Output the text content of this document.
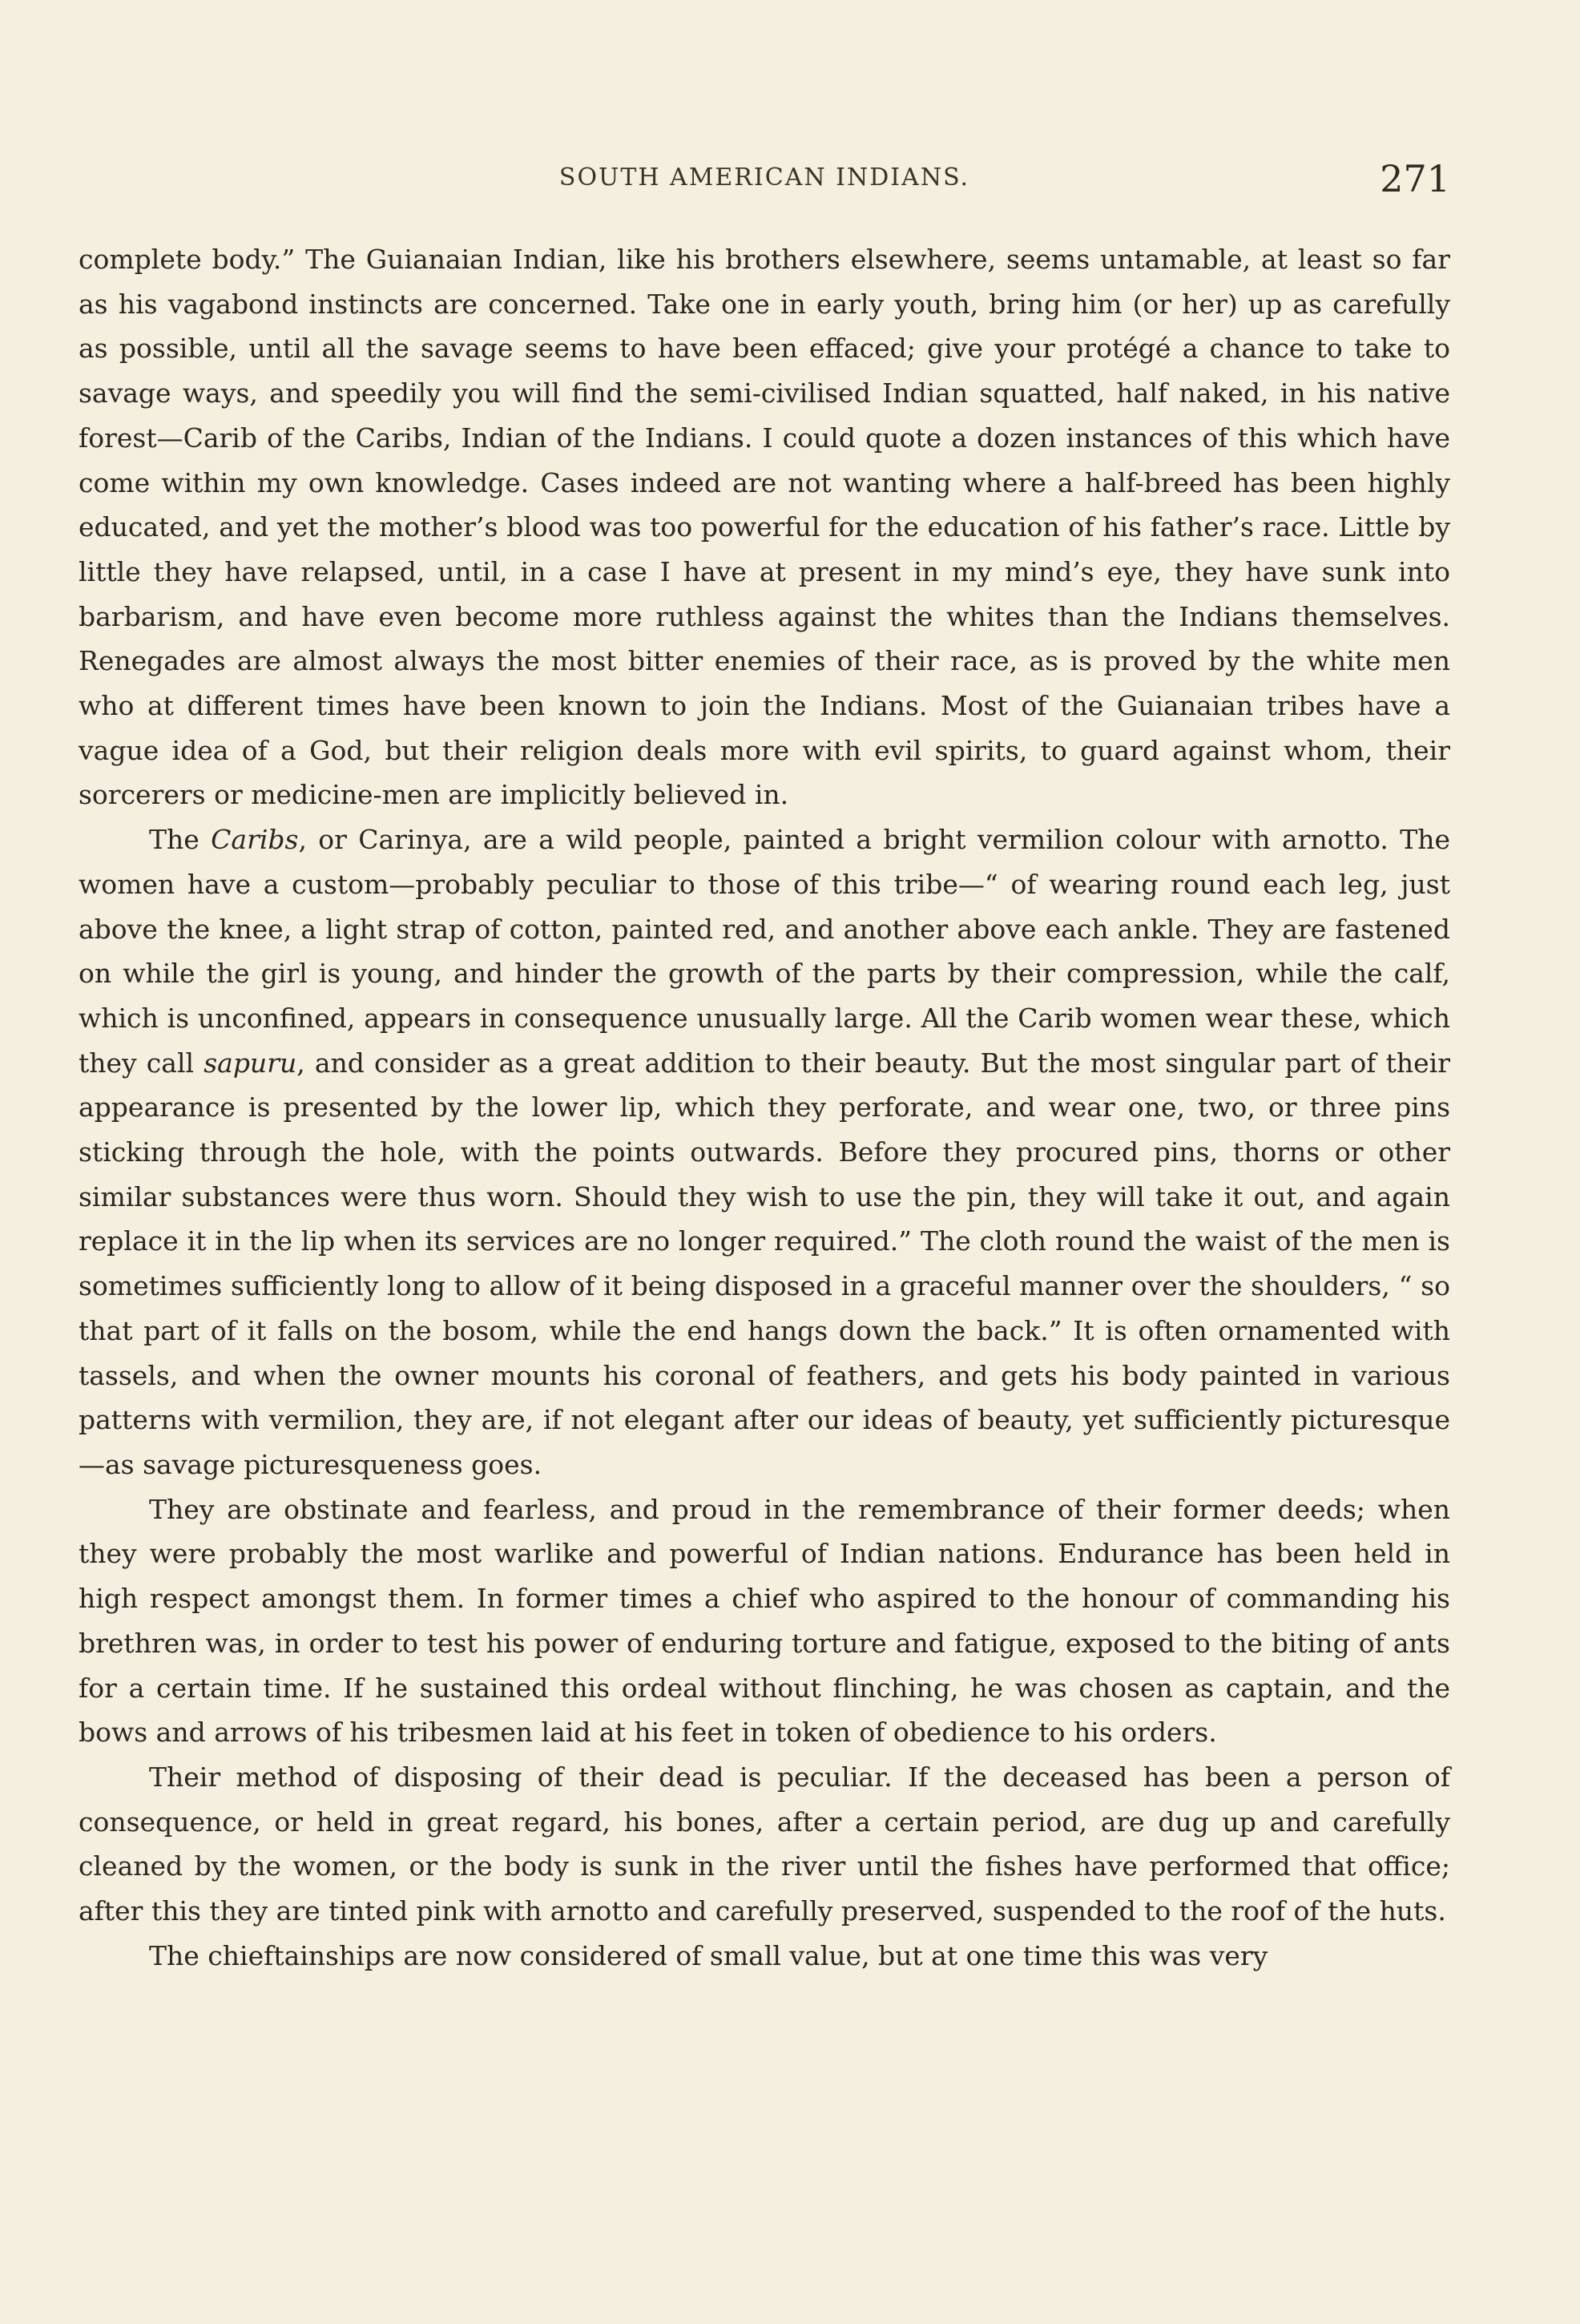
SOUTH AMERICAN INDIANS.	271

complete body.” The Guianaian Indian, like his brothers elsewhere, seems untamable, at least so far as his vagabond instincts are concerned. Take one in early youth, bring him (or her) up as carefully as possible, until all the savage seems to have been effaced; give your protégé a chance to take to savage ways, and speedily you will find the semi-civilised Indian squatted, half naked, in his native forest—Carib of the Caribs, Indian of the Indians. I could quote a dozen instances of this which have come within my own knowledge. Cases indeed are not wanting where a half-breed has been highly educated, and yet the mother’s blood was too powerful for the education of his father’s race. Little by little they have relapsed, until, in a case I have at present in my mind’s eye, they have sunk into barbarism, and have even become more ruthless against the whites than the Indians themselves. Renegades are almost always the most bitter enemies of their race, as is proved by the white men who at different times have been known to join the Indians. Most of the Guianaian tribes have a vague idea of a God, but their religion deals more with evil spirits, to guard against whom, their sorcerers or medicine-men are implicitly believed in.

The Caribs, or Carinya, are a wild people, painted a bright vermilion colour with arnotto. The women have a custom—probably peculiar to those of this tribe—“ of wearing round each leg, just above the knee, a light strap of cotton, painted red, and another above each ankle. They are fastened on while the girl is young, and hinder the growth of the parts by their compression, while the calf, which is unconfined, appears in consequence unusually large. All the Carib women wear these, which they call sapuru, and consider as a great addition to their beauty. But the most singular part of their appearance is presented by the lower lip, which they perforate, and wear one, two, or three pins sticking through the hole, with the points outwards. Before they procured pins, thorns or other similar substances were thus worn. Should they wish to use the pin, they will take it out, and again replace it in the lip when its services are no longer required.” The cloth round the waist of the men is sometimes sufficiently long to allow of it being disposed in a graceful manner over the shoulders, “ so that part of it falls on the bosom, while the end hangs down the back.” It is often ornamented with tassels, and when the owner mounts his coronal of feathers, and gets his body painted in various patterns with vermilion, they are, if not elegant after our ideas of beauty, yet sufficiently picturesque—as savage picturesqueness goes.

They are obstinate and fearless, and proud in the remembrance of their former deeds; when they were probably the most warlike and powerful of Indian nations. Endurance has been held in high respect amongst them. In former times a chief who aspired to the honour of commanding his brethren was, in order to test his power of enduring torture and fatigue, exposed to the biting of ants for a certain time. If he sustained this ordeal without flinching, he was chosen as captain, and the bows and arrows of his tribesmen laid at his feet in token of obedience to his orders.

Their method of disposing of their dead is peculiar. If the deceased has been a person of consequence, or held in great regard, his bones, after a certain period, are dug up and carefully cleaned by the women, or the body is sunk in the river until the fishes have performed that office; after this they are tinted pink with arnotto and carefully preserved, suspended to the roof of the huts.

The chieftainships are now considered of small value, but at one time this was very
